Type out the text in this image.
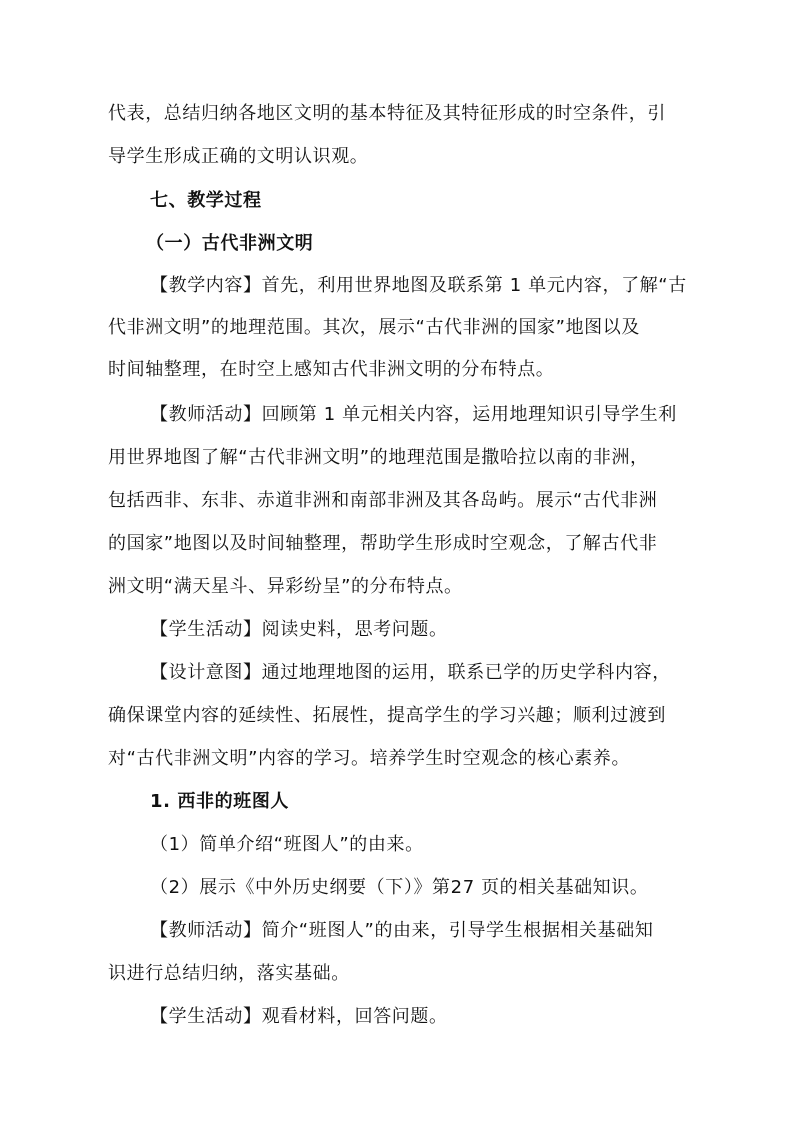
代表，总结归纳各地区文明的基本特征及其特征形成的时空条件，引
导学生形成正确的文明认识观。
七、教学过程
（一）古代非洲文明
【教学内容】首先，利用世界地图及联系第 1 单元内容，了解“古
代非洲文明”的地理范围。其次，展示“古代非洲的国家”地图以及
时间轴整理，在时空上感知古代非洲文明的分布特点。
【教师活动】回顾第 1 单元相关内容，运用地理知识引导学生利
用世界地图了解“古代非洲文明”的地理范围是撒哈拉以南的非洲，
包括西非、东非、赤道非洲和南部非洲及其各岛屿。展示“古代非洲
的国家”地图以及时间轴整理，帮助学生形成时空观念，了解古代非
洲文明“满天星斗、异彩纷呈”的分布特点。
【学生活动】阅读史料，思考问题。
【设计意图】通过地理地图的运用，联系已学的历史学科内容，
确保课堂内容的延续性、拓展性，提高学生的学习兴趣；顺利过渡到
对“古代非洲文明”内容的学习。培养学生时空观念的核心素养。
1. 西非的班图人
（1）简单介绍“班图人”的由来。
（2）展示《中外历史纲要（下）》第27 页的相关基础知识。
【教师活动】简介“班图人”的由来，引导学生根据相关基础知
识进行总结归纳，落实基础。
【学生活动】观看材料，回答问题。
